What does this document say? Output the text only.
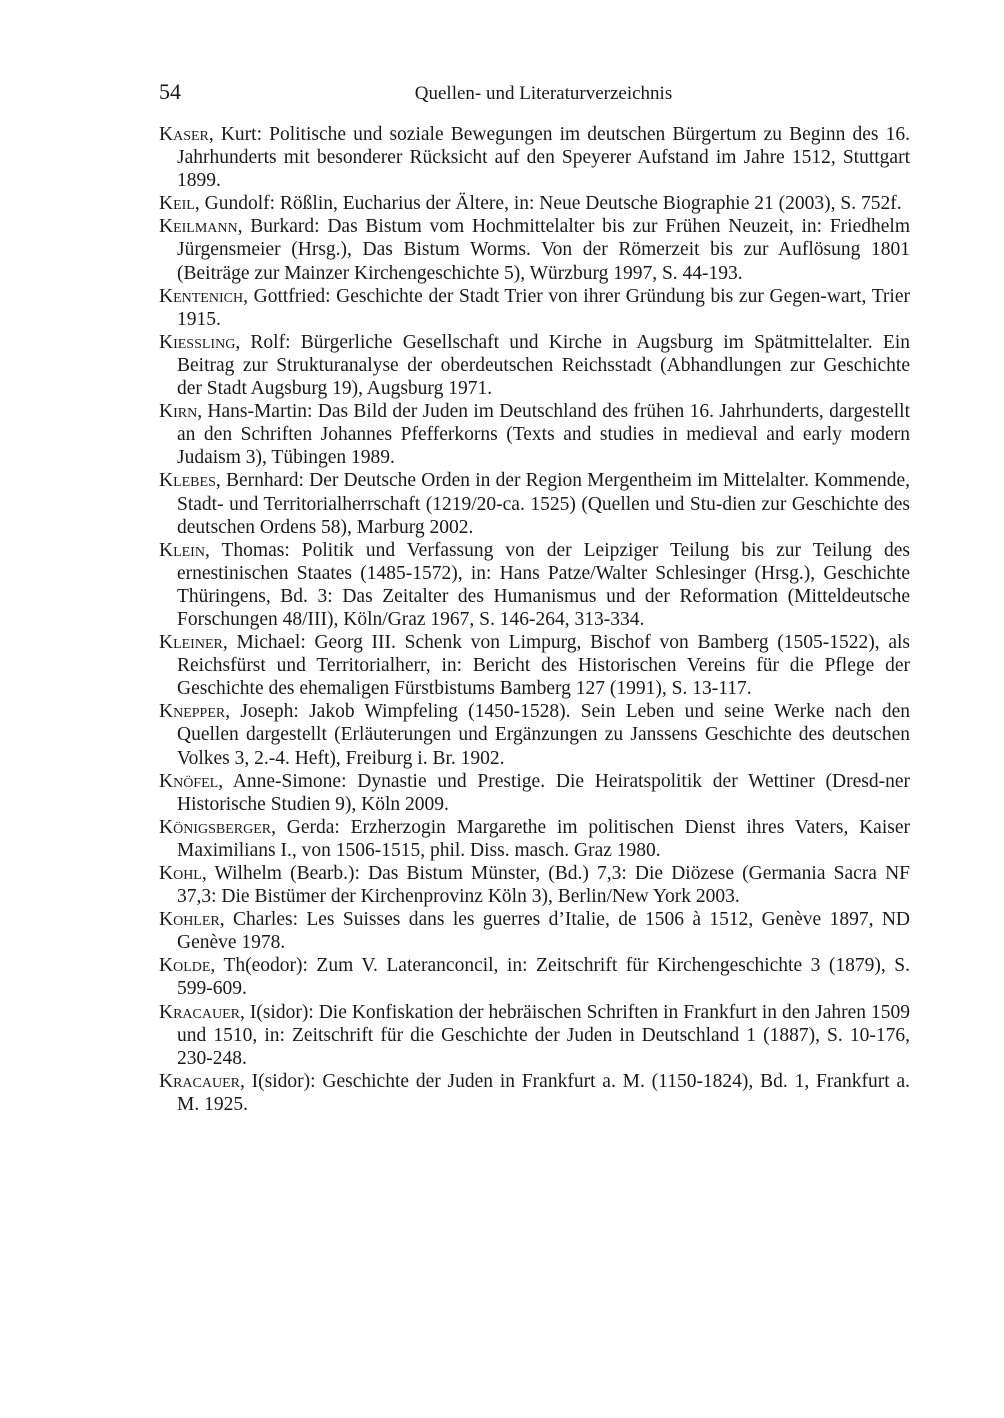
54	Quellen- und Literaturverzeichnis

Kaser, Kurt: Politische und soziale Bewegungen im deutschen Bürgertum zu Beginn des 16. Jahrhunderts mit besonderer Rücksicht auf den Speyerer Aufstand im Jahre 1512, Stuttgart 1899.

Keil, Gundolf: Rößlin, Eucharius der Ältere, in: Neue Deutsche Biographie 21 (2003), S. 752f.

Keilmann, Burkard: Das Bistum vom Hochmittelalter bis zur Frühen Neuzeit, in: Friedhelm Jürgensmeier (Hrsg.), Das Bistum Worms. Von der Römerzeit bis zur Auflösung 1801 (Beiträge zur Mainzer Kirchengeschichte 5), Würzburg 1997, S. 44-193.

Kentenich, Gottfried: Geschichte der Stadt Trier von ihrer Gründung bis zur Gegen-wart, Trier 1915.

Kiessling, Rolf: Bürgerliche Gesellschaft und Kirche in Augsburg im Spätmittelalter. Ein Beitrag zur Strukturanalyse der oberdeutschen Reichsstadt (Abhandlungen zur Geschichte der Stadt Augsburg 19), Augsburg 1971.

Kirn, Hans-Martin: Das Bild der Juden im Deutschland des frühen 16. Jahrhunderts, dargestellt an den Schriften Johannes Pfefferkorns (Texts and studies in medieval and early modern Judaism 3), Tübingen 1989.

Klebes, Bernhard: Der Deutsche Orden in der Region Mergentheim im Mittelalter. Kommende, Stadt- und Territorialherrschaft (1219/20-ca. 1525) (Quellen und Stu-dien zur Geschichte des deutschen Ordens 58), Marburg 2002.

Klein, Thomas: Politik und Verfassung von der Leipziger Teilung bis zur Teilung des ernestinischen Staates (1485-1572), in: Hans Patze/Walter Schlesinger (Hrsg.), Geschichte Thüringens, Bd. 3: Das Zeitalter des Humanismus und der Reformation (Mitteldeutsche Forschungen 48/III), Köln/Graz 1967, S. 146-264, 313-334.

Kleiner, Michael: Georg III. Schenk von Limpurg, Bischof von Bamberg (1505-1522), als Reichsfürst und Territorialherr, in: Bericht des Historischen Vereins für die Pflege der Geschichte des ehemaligen Fürstbistums Bamberg 127 (1991), S. 13-117.

Knepper, Joseph: Jakob Wimpfeling (1450-1528). Sein Leben und seine Werke nach den Quellen dargestellt (Erläuterungen und Ergänzungen zu Janssens Geschichte des deutschen Volkes 3, 2.-4. Heft), Freiburg i. Br. 1902.

Knöfel, Anne-Simone: Dynastie und Prestige. Die Heiratspolitik der Wettiner (Dresd-ner Historische Studien 9), Köln 2009.

Königsberger, Gerda: Erzherzogin Margarethe im politischen Dienst ihres Vaters, Kaiser Maximilians I., von 1506-1515, phil. Diss. masch. Graz 1980.

Kohl, Wilhelm (Bearb.): Das Bistum Münster, (Bd.) 7,3: Die Diözese (Germania Sacra NF 37,3: Die Bistümer der Kirchenprovinz Köln 3), Berlin/New York 2003.

Kohler, Charles: Les Suisses dans les guerres d’Italie, de 1506 à 1512, Genève 1897, ND Genève 1978.

Kolde, Th(eodor): Zum V. Lateranconcil, in: Zeitschrift für Kirchengeschichte 3 (1879), S. 599-609.

Kracauer, I(sidor): Die Konfiskation der hebräischen Schriften in Frankfurt in den Jahren 1509 und 1510, in: Zeitschrift für die Geschichte der Juden in Deutschland 1 (1887), S. 10-176, 230-248.

Kracauer, I(sidor): Geschichte der Juden in Frankfurt a. M. (1150-1824), Bd. 1, Frankfurt a. M. 1925.
